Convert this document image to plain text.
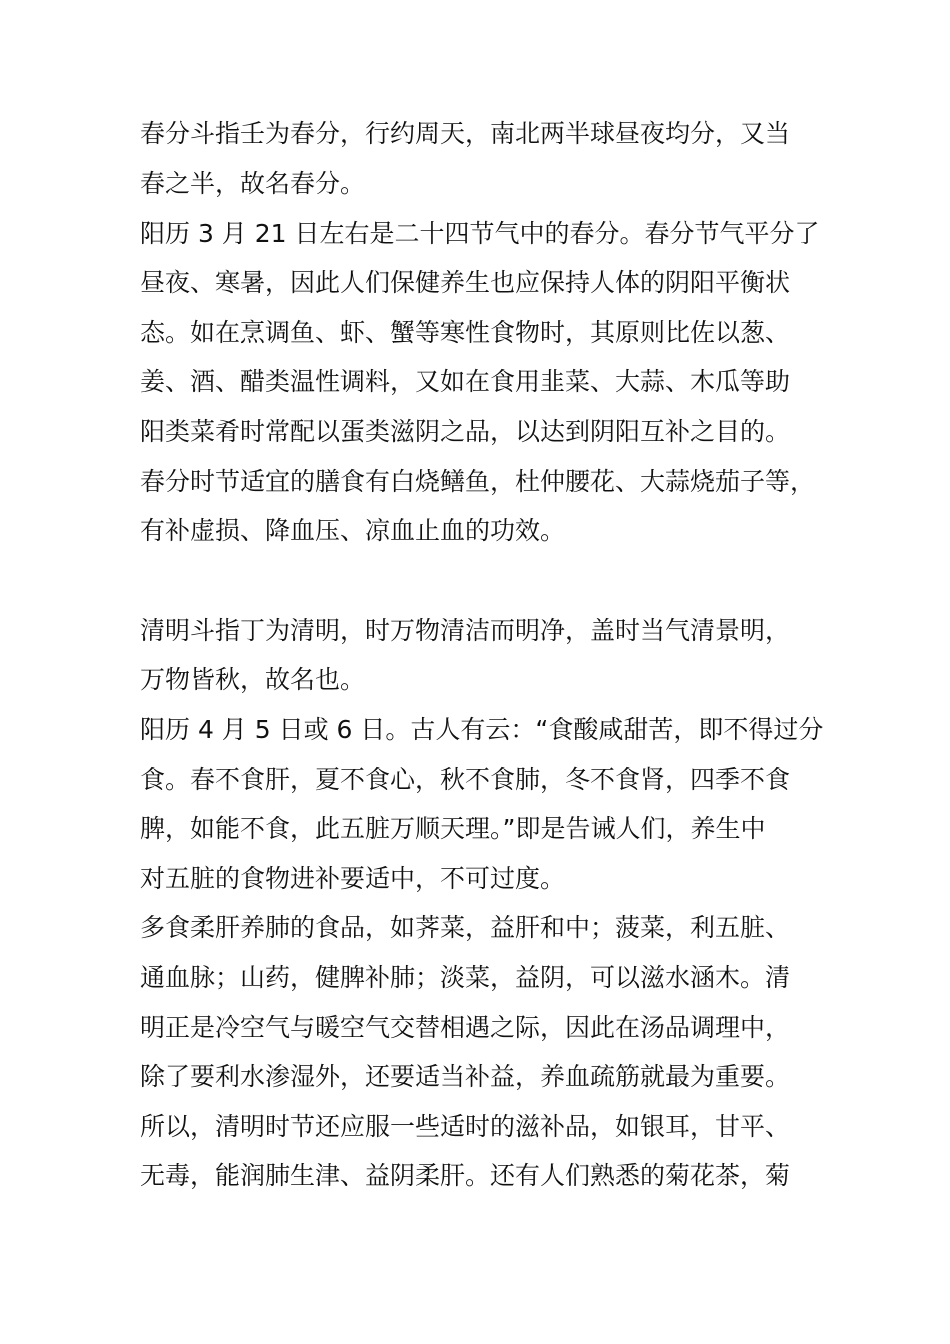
春分斗指壬为春分，行约周天，南北两半球昼夜均分，又当

春之半，故名春分。

阳历 3 月 21 日左右是二十四节气中的春分。春分节气平分了

昼夜、寒暑，因此人们保健养生也应保持人体的阴阳平衡状

态。如在烹调鱼、虾、蟹等寒性食物时，其原则比佐以葱、

姜、酒、醋类温性调料，又如在食用韭菜、大蒜、木瓜等助

阳类菜肴时常配以蛋类滋阴之品，以达到阴阳互补之目的。

春分时节适宜的膳食有白烧鳝鱼，杜仲腰花、大蒜烧茄子等，

有补虚损、降血压、凉血止血的功效。

清明斗指丁为清明，时万物清洁而明净，盖时当气清景明，

万物皆秋，故名也。

阳历 4 月 5 日或 6 日。古人有云：“食酸咸甜苦，即不得过分

食。春不食肝，夏不食心，秋不食肺，冬不食肾，四季不食

脾，如能不食，此五脏万顺天理。”即是告诫人们，养生中

对五脏的食物进补要适中，不可过度。

多食柔肝养肺的食品，如荠菜，益肝和中；菠菜，利五脏、

通血脉；山药，健脾补肺；淡菜，益阴，可以滋水涵木。清

明正是冷空气与暖空气交替相遇之际，因此在汤品调理中，

除了要利水渗湿外，还要适当补益，养血疏筋就最为重要。

所以，清明时节还应服一些适时的滋补品，如银耳，甘平、

无毒，能润肺生津、益阴柔肝。还有人们熟悉的菊花茶，菊
